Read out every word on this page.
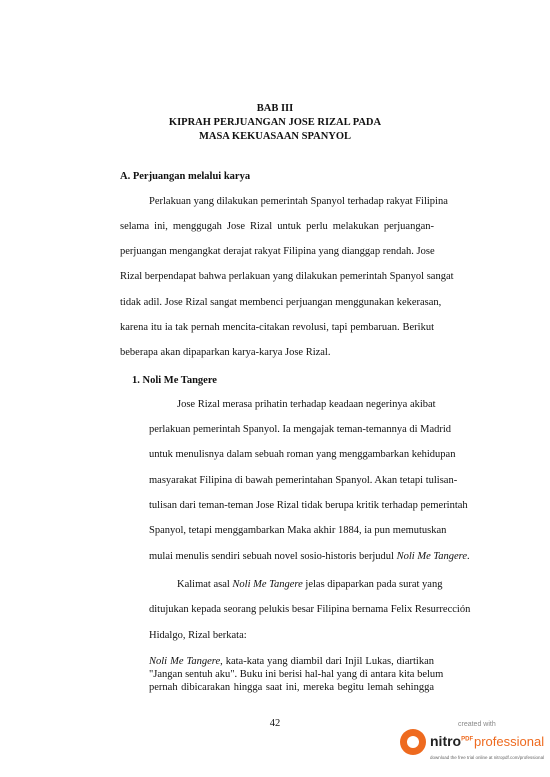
BAB III
KIPRAH PERJUANGAN JOSE RIZAL PADA
MASA KEKUASAAN SPANYOL
A. Perjuangan melalui karya
Perlakuan yang dilakukan pemerintah Spanyol terhadap rakyat Filipina
selama ini, menggugah Jose Rizal untuk perlu melakukan perjuangan-
perjuangan mengangkat derajat rakyat Filipina yang dianggap rendah. Jose
Rizal berpendapat bahwa perlakuan yang dilakukan pemerintah Spanyol sangat
tidak adil. Jose Rizal sangat membenci perjuangan menggunakan kekerasan,
karena itu ia tak pernah mencita-citakan revolusi, tapi pembaruan. Berikut
beberapa akan dipaparkan karya-karya Jose Rizal.
1. Noli Me Tangere
Jose Rizal merasa prihatin terhadap keadaan negerinya akibat
perlakuan pemerintah Spanyol. Ia mengajak teman-temannya di Madrid
untuk menulisnya dalam sebuah roman yang menggambarkan kehidupan
masyarakat Filipina di bawah pemerintahan Spanyol. Akan tetapi tulisan-
tulisan dari teman-teman Jose Rizal tidak berupa kritik terhadap pemerintah
Spanyol, tetapi menggambarkan Maka akhir 1884, ia pun memutuskan
mulai menulis sendiri sebuah novel sosio-historis berjudul Noli Me Tangere.
Kalimat asal Noli Me Tangere jelas dipaparkan pada surat yang
ditujukan kepada seorang pelukis besar Filipina bernama Felix Resurrección
Hidalgo, Rizal berkata:
Noli Me Tangere, kata-kata yang diambil dari Injil Lukas, diartikan
"Jangan sentuh aku". Buku ini berisi hal-hal yang di antara kita belum
pernah dibicarakan hingga saat ini, mereka begitu lemah sehingga
42	created with
nitro$^{PDF}$ professional
download the free trial online at nitropdf.com/professional
